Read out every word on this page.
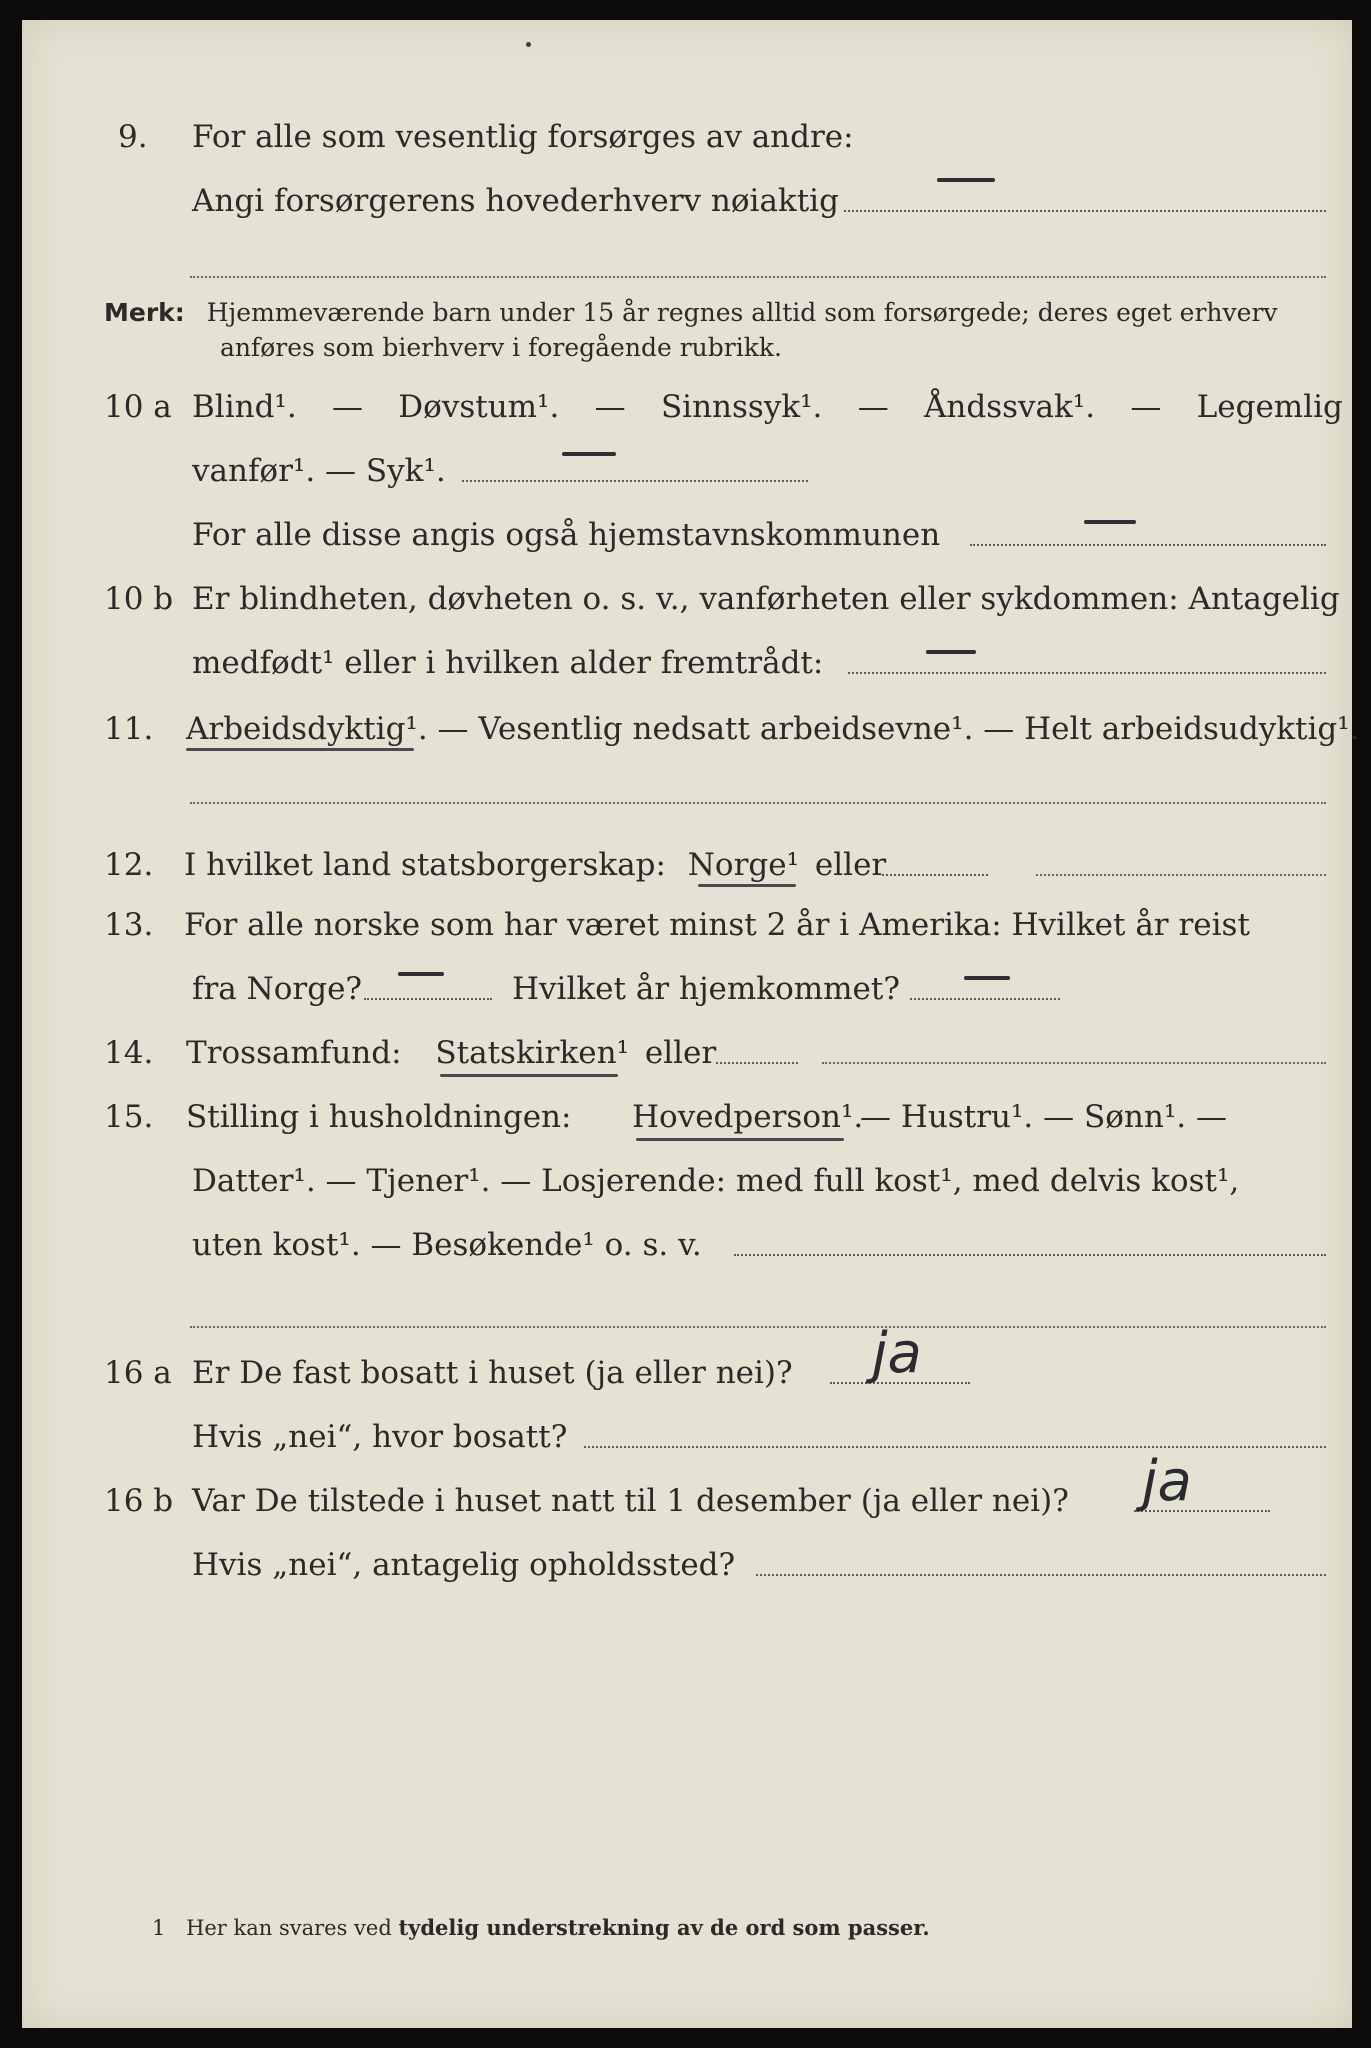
9. For alle som vesentlig forsørges av andre:
Angi forsørgerens hovederhverv nøiaktig
Merk: Hjemmeværende barn under 15 år regnes alltid som forsørgede; deres eget erhverv
anføres som bierhverv i foregående rubrikk.
10 a Blind¹. — Døvstum¹. — Sinnssyk¹. — Åndssvak¹. — Legemlig
vanfør¹. — Syk¹.
For alle disse angis også hjemstavnskommunen
10 b Er blindheten, døvheten o. s. v., vanførheten eller sykdommen: Antagelig
medfødt¹ eller i hvilken alder fremtrådt:
11. Arbeidsdyktig¹. — Vesentlig nedsatt arbeidsevne¹. — Helt arbeidsudyktig¹.
12. I hvilket land statsborgerskap: Norge¹ eller
13. For alle norske som har været minst 2 år i Amerika: Hvilket år reist
fra Norge?	Hvilket år hjemkommet?
14. Trossamfund: Statskirken¹ eller
15. Stilling i husholdningen: Hovedperson¹.
— Hustru¹. — Sønn¹. —
Datter¹. — Tjener¹. — Losjerende: med full kost¹, med delvis kost¹,
uten kost¹. — Besøkende¹ o. s. v.
16 a Er De fast bosatt i huset (ja eller nei)? ja
Hvis „nei“, hvor bosatt?
16 b Var De tilstede i huset natt til 1 desember (ja eller nei)? ja
Hvis „nei“, antagelig opholdssted?
1 Her kan svares ved tydelig understrekning av de ord som passer.
